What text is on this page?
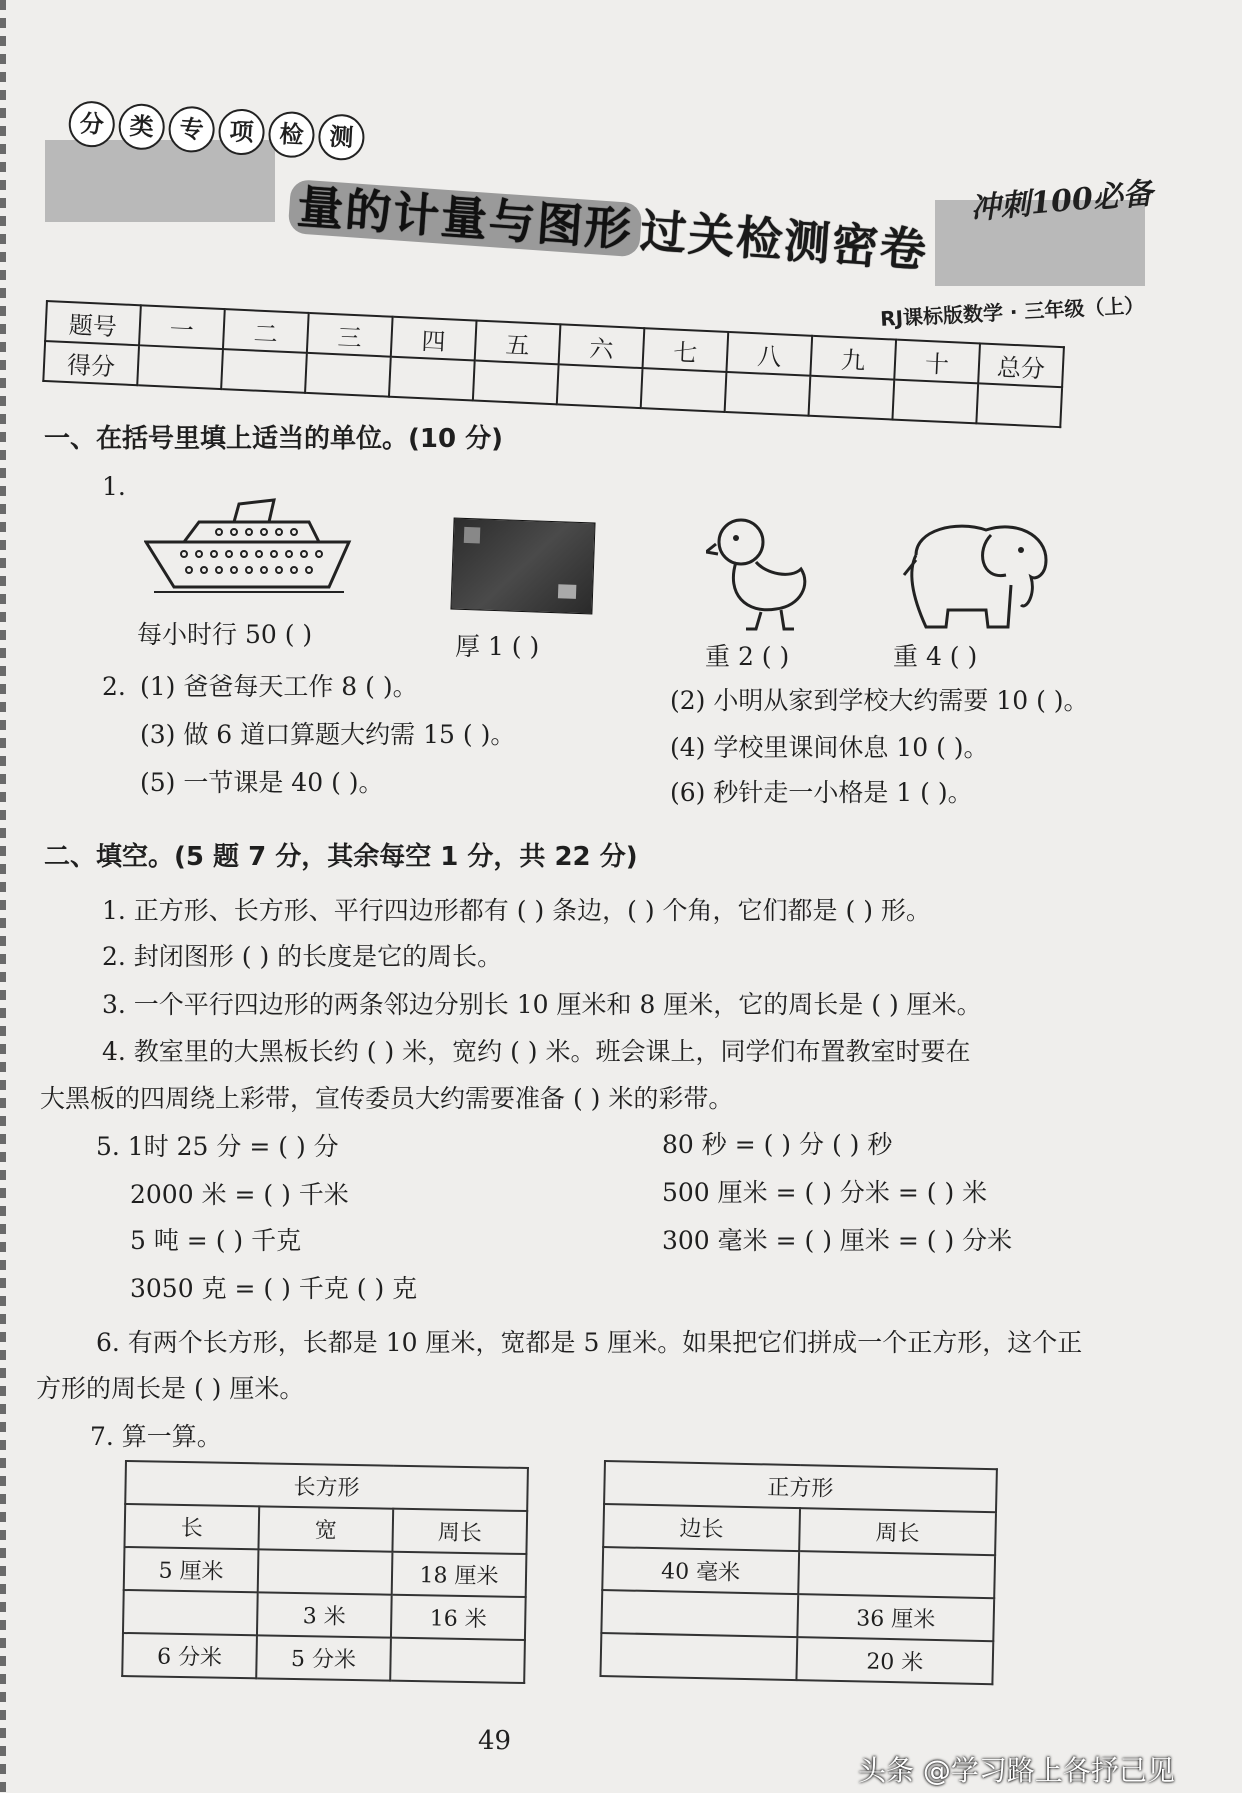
分	类	专	项	检	测
量的计量与图形过关检测密卷
冲刺100必备
RJ课标版数学 · 三年级（上）
题号	一	二	三	四	五	六	七	八	九	十	总分
得分											
一、在括号里填上适当的单位。(10 分)
1.
每小时行 50 ( )	厚 1 ( )	重 2 ( )	重 4 ( )
2. (1) 爸爸每天工作 8 ( )。	(2) 小明从家到学校大约需要 10 ( )。
(3) 做 6 道口算题大约需 15 ( )。	(4) 学校里课间休息 10 ( )。
(5) 一节课是 40 ( )。	(6) 秒针走一小格是 1 ( )。
二、填空。(5 题 7 分，其余每空 1 分，共 22 分)
1. 正方形、长方形、平行四边形都有 ( ) 条边，( ) 个角，它们都是 ( ) 形。
2. 封闭图形 ( ) 的长度是它的周长。
3. 一个平行四边形的两条邻边分别长 10 厘米和 8 厘米，它的周长是 ( ) 厘米。
4. 教室里的大黑板长约 ( ) 米，宽约 ( ) 米。班会课上，同学们布置教室时要在
大黑板的四周绕上彩带，宣传委员大约需要准备 ( ) 米的彩带。
5. 1时 25 分 = ( ) 分
2000 米 = ( ) 千米
5 吨 = ( ) 千克
3050 克 = ( ) 千克 ( ) 克
80 秒 = ( ) 分 ( ) 秒
500 厘米 = ( ) 分米 = ( ) 米
300 毫米 = ( ) 厘米 = ( ) 分米
6. 有两个长方形，长都是 10 厘米，宽都是 5 厘米。如果把它们拼成一个正方形，这个正
方形的周长是 ( ) 厘米。
7. 算一算。
长方形		
长	宽	周长
5 厘米		18 厘米
	3 米	16 米
6 分米	5 分米	
正方形	
边长	周长
40 毫米	
	36 厘米
	20 米
49
头条 @学习路上各抒己见
